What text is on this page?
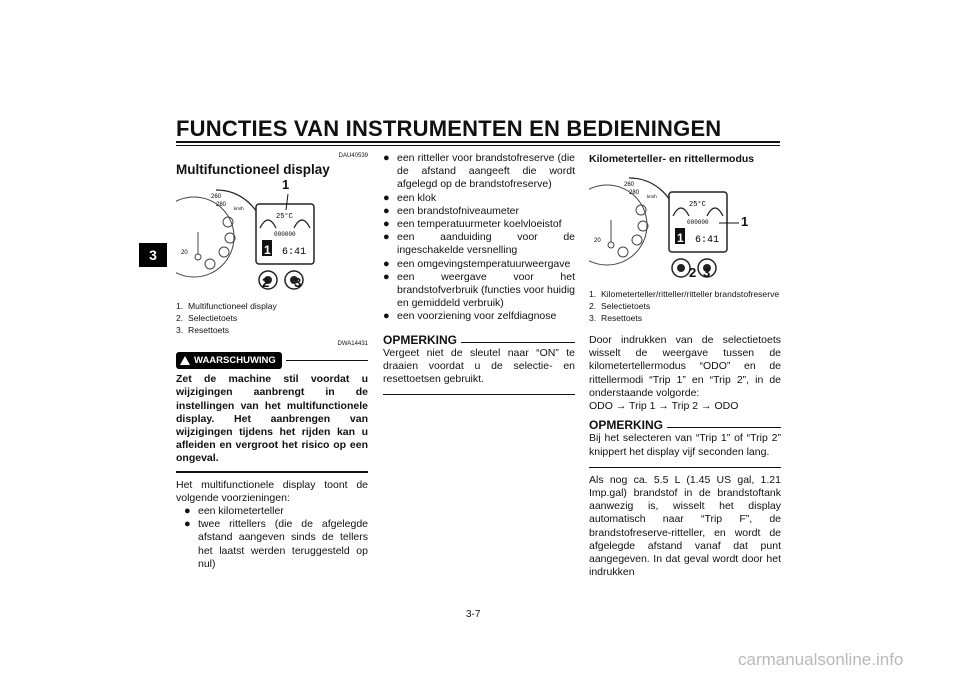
FUNCTIES VAN INSTRUMENTEN EN BEDIENINGEN
3
DAU40539
Multifunctioneel display
260
280
20
km/h
25°C
000000
1 6:41
1
2 3
1. Multifunctioneel display
2. Selectietoets
3. Resettoets
DWA14431
WAARSCHUWING

Zet de machine stil voordat u wijzigingen aanbrengt in de instellingen van het multifunctionele display. Het aanbrengen van wijzigingen tijdens het rijden kan u afleiden en vergroot het risico op een ongeval.

Het multifunctionele display toont de volgende voorzieningen:

● een kilometerteller
● twee rittellers (die de afgelegde afstand aangeven sinds de tellers het laatst werden teruggesteld op nul)

● een ritteller voor brandstofreserve (die de afstand aangeeft die wordt afgelegd op de brandstofreserve)

● een klok
● een brandstofniveaumeter
● een temperatuurmeter koelvloeistof
● een aanduiding voor de ingeschakelde versnelling

● een omgevingstemperatuurweergave
● een weergave voor het brandstofverbruik (functies voor huidig en gemiddeld verbruik)

● een voorziening voor zelfdiagnose
OPMERKING

Vergeet niet de sleutel naar “ON” te draaien voordat u de selectie- en resettoetsen gebruikt.

Kilometerteller- en rittellermodus
260
280
20
km/h
25°C
000000
1 6:41
1
2 3
1. Kilometerteller/ritteller/ritteller brandstofreserve
2. Selectietoets
3. Resettoets

Door indrukken van de selectietoets wisselt de weergave tussen de kilometertellermodus “ODO” en de rittellermodi “Trip 1” en “Trip 2”, in de onderstaande volgorde:

ODO → Trip 1 → Trip 2 → ODO
OPMERKING

Bij het selecteren van “Trip 1” of “Trip 2” knippert het display vijf seconden lang.

Als nog ca. 5.5 L (1.45 US gal, 1.21 Imp.gal) brandstof in de brandstoftank aanwezig is, wisselt het display automatisch naar “Trip F”, de brandstofreserve-ritteller, en wordt de afgelegde afstand vanaf dat punt aangegeven. In dat geval wordt door het indrukken

3-7
carmanualsonline.info
